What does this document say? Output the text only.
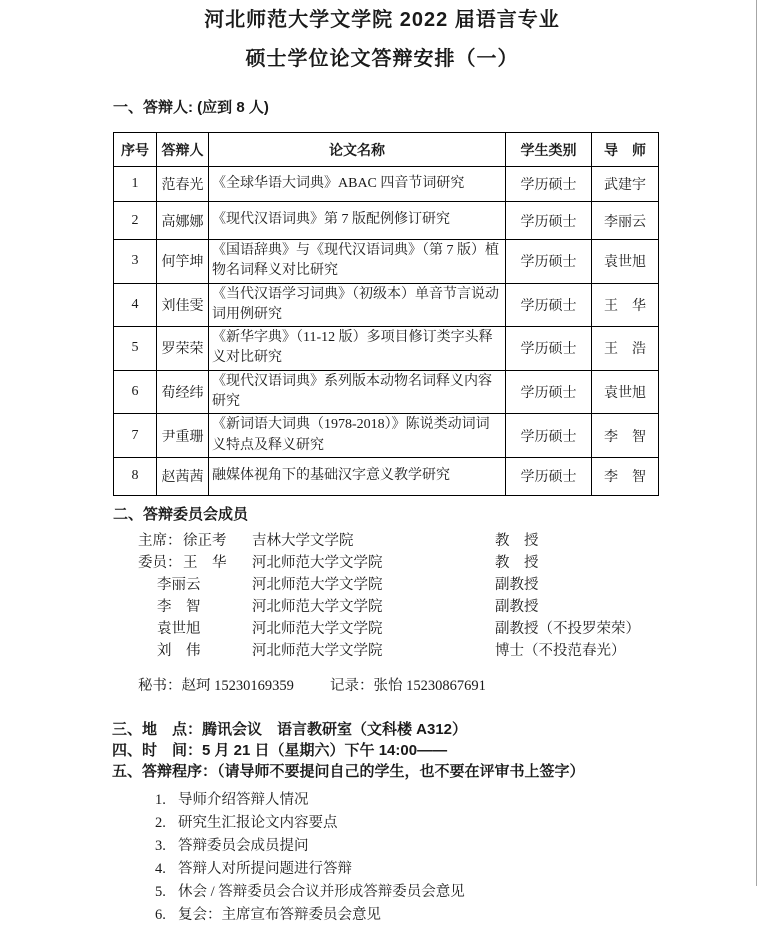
河北师范大学文学院 2022 届语言专业
硕士学位论文答辩安排（一）
一、答辩人: (应到 8 人)
序号	答辩人	论文名称	学生类别	导　师
1	范春光	《全球华语大词典》ABAC 四音节词研究	学历硕士	武建宇
2	高娜娜	《现代汉语词典》第 7 版配例修订研究	学历硕士	李丽云
3	何竽坤	《国语辞典》与《现代汉语词典》（第 7 版）植物名词释义对比研究	学历硕士	袁世旭
4	刘佳雯	《当代汉语学习词典》（初级本）单音节言说动词用例研究	学历硕士	王　华
5	罗荣荣	《新华字典》（11-12 版）多项目修订类字头释义对比研究	学历硕士	王　浩
6	荀经纬	《现代汉语词典》系列版本动物名词释义内容研究	学历硕士	袁世旭
7	尹重珊	《新词语大词典（1978-2018）》陈说类动词词义特点及释义研究	学历硕士	李　智
8	赵茜茜	融媒体视角下的基础汉字意义教学研究	学历硕士	李　智
二、答辩委员会成员
主席： 徐正考 吉林大学文学院	教　授
委员： 王　华 河北师范大学文学院	教　授
李丽云	河北师范大学文学院	副教授
李　智	河北师范大学文学院	副教授
袁世旭	河北师范大学文学院	副教授（不投罗荣荣）
刘　伟	河北师范大学文学院	博士（不投范春光）
秘书：赵珂 15230169359 记录：张怡 15230867691
三、地　点：腾讯会议　语言教研室（文科楼 A312）
四、时　间：5 月 21 日（星期六）下午 14:00——
五、答辩程序：（请导师不要提问自己的学生，也不要在评审书上签字）
1. 导师介绍答辩人情况
2. 研究生汇报论文内容要点
3. 答辩委员会成员提问
4. 答辩人对所提问题进行答辩
5. 休会 / 答辩委员会合议并形成答辩委员会意见
6. 复会：主席宣布答辩委员会意见
